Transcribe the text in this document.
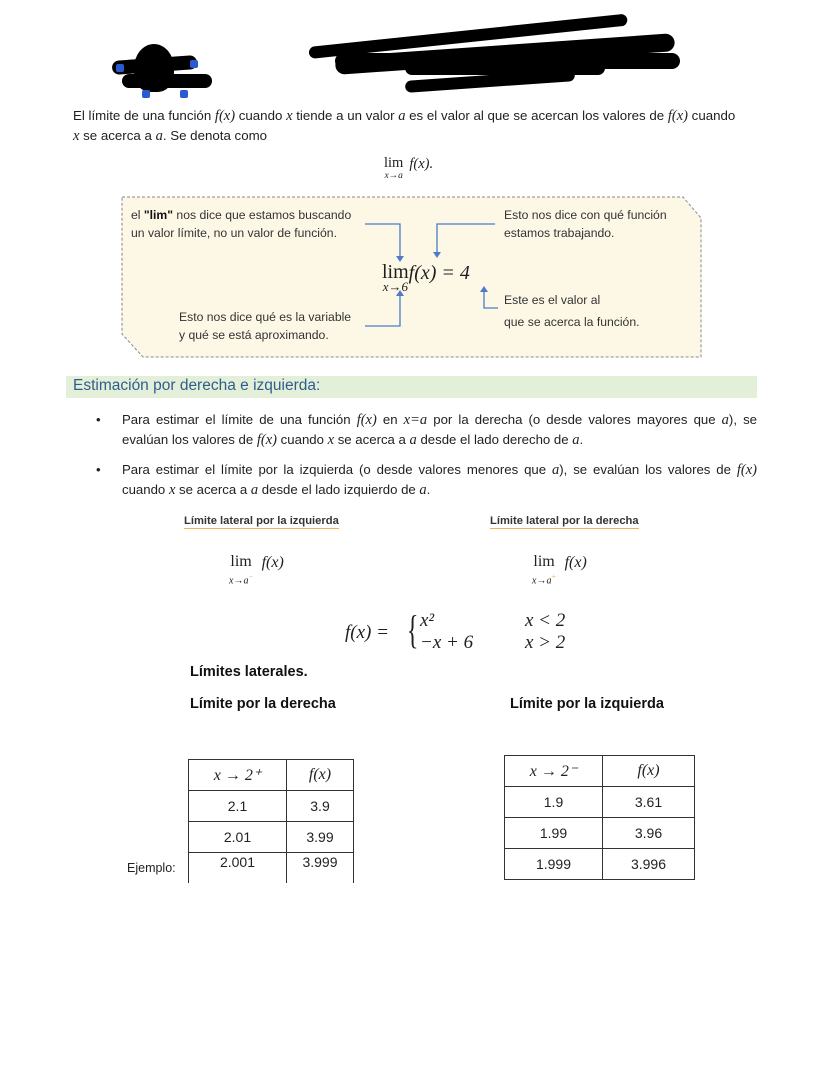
El límite de una función f(x) cuando x tiende a un valor a es el valor al que se acercan los valores de f(x) cuando
x se acerca a a. Se denota como
lim
x→a
f(x).
el "lim" nos dice que estamos buscando
un valor límite, no un valor de función.
Esto nos dice con qué función
estamos trabajando.
Esto nos dice qué es la variable
y qué se está aproximando.
Este es el valor al
que se acerca la función.
lim
x→6
f(x) = 4
Estimación por derecha e izquierda:
• Para estimar el límite de una función f(x) en x=a por la derecha (o desde valores mayores que a), se evalúan los valores de f(x) cuando x se acerca a a desde el lado derecho de a.
• Para estimar el límite por la izquierda (o desde valores menores que a), se evalúan los valores de f(x) cuando x se acerca a a desde el lado izquierdo de a.
Límite lateral por la izquierda	Límite lateral por la derecha
lim
x→a−
f(x)	lim
x→a+
f(x)
f(x) = { x²
−x + 6
x < 2
x > 2
Límites laterales.
Límite por la derecha	Límite por la izquierda
Ejemplo:
x → 2⁺	f(x)
2.1	3.9
2.01	3.99
2.001	3.999
x → 2⁻	f(x)
1.9	3.61
1.99	3.96
1.999	3.996
